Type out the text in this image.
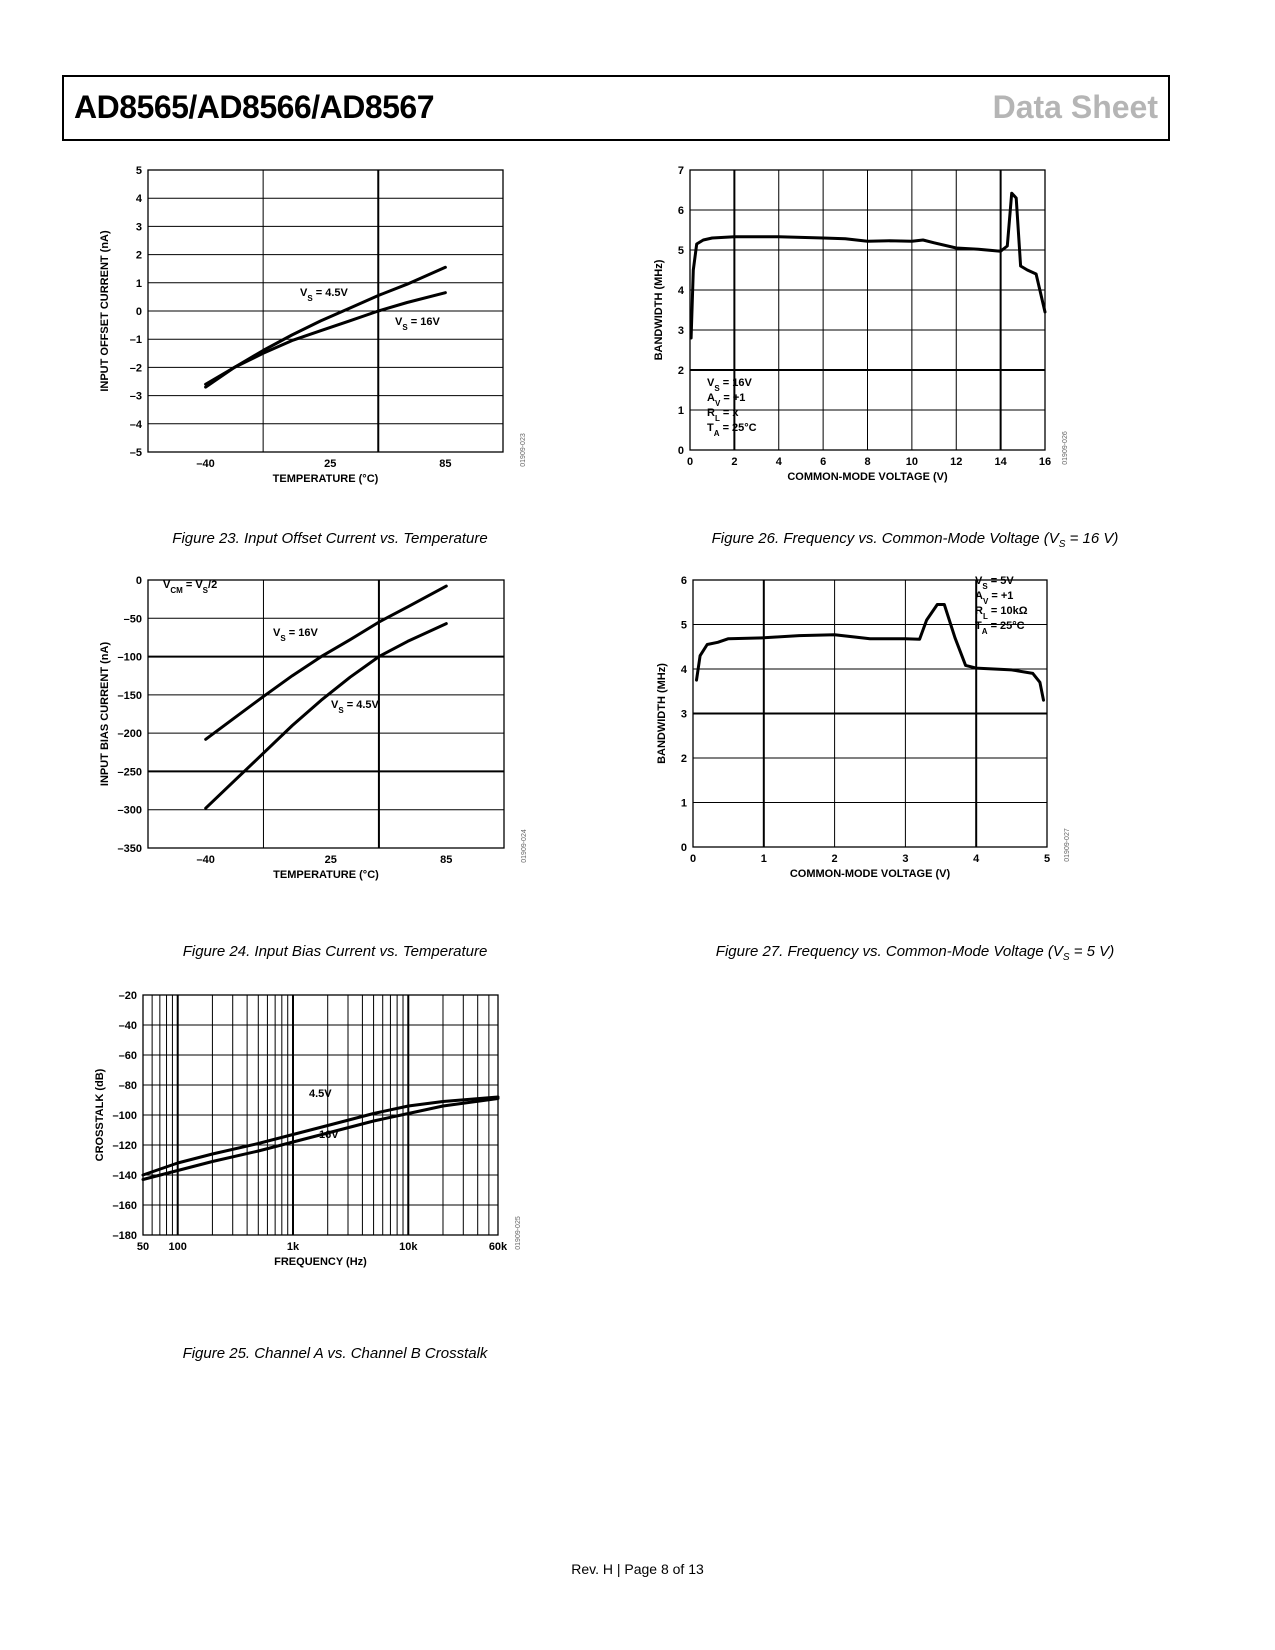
AD8565/AD8566/AD8567	Data Sheet
–5
–4
–3
–2
–1
0
1
2
3
4
5
–40	25	85
TEMPERATURE (°C)
INPUT OFFSET CURRENT (nA)	$V_S = 4.5V$
$V_S = 16V$
01909-023
Figure 23. Input Offset Current vs. Temperature
–350
–300
–250
–200
–150
–100
–50
0
–40	25	85
TEMPERATURE (°C)
INPUT BIAS CURRENT (nA)
$V_{CM} = V_S/2$
$V_S = 16V$
$V_S = 4.5V$
01909-024
Figure 24. Input Bias Current vs. Temperature
–180
–160
–140
–120
–100
–80
–60
–40
–20
50 100	1k	10k	60k
FREQUENCY (Hz)
CROSSTALK (dB)	4.5V
16V
01909-025
Figure 25. Channel A vs. Channel B Crosstalk
0
1
2
3
4
5
6
7
0	2	4	6	8	10	12	14	16
COMMON-MODE VOLTAGE (V)
BANDWIDTH (MHz)
$V_S = 16V$
$A_V = +1$
$R_L = x$
$T_A = 25^\circ C$
01909-026
Figure 26. Frequency vs. Common-Mode Voltage ($V_S = 16$ V)
0
1
2
3
4
5
6
0	1	2	3	4	5
COMMON-MODE VOLTAGE (V)
BANDWIDTH (MHz)
$V_S = 5V$
$A_V = +1$
$R_L = 10k\Omega$
$T_A = 25^\circ C$
01909-027
Figure 27. Frequency vs. Common-Mode Voltage ($V_S = 5$ V)
Rev. H | Page 8 of 13
